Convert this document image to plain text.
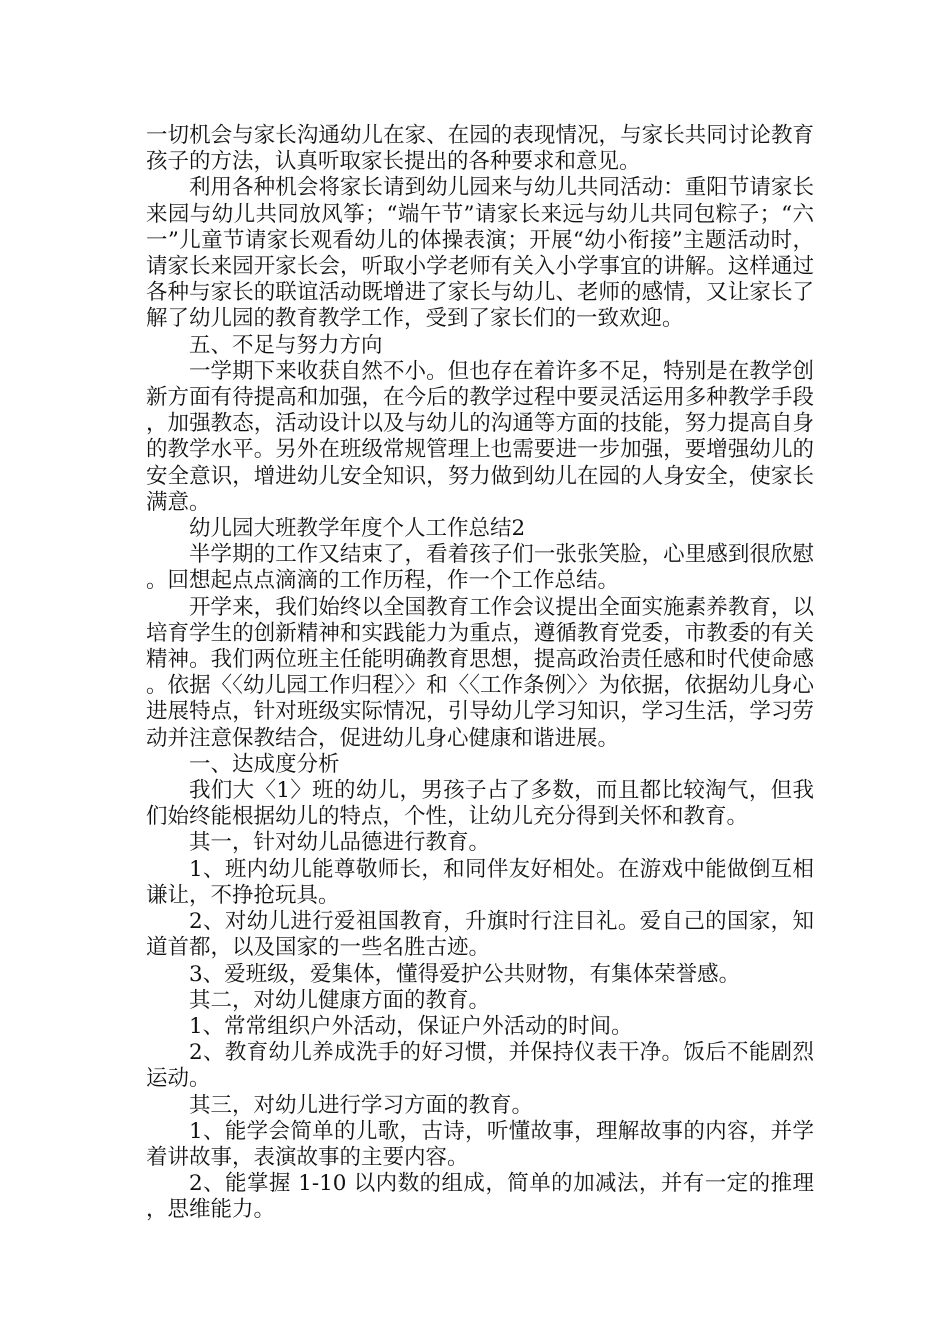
一切机会与家长沟通幼儿在家、在园的表现情况，与家长共同讨论教育孩子的方法，认真听取家长提出的各种要求和意见。

利用各种机会将家长请到幼儿园来与幼儿共同活动：重阳节请家长来园与幼儿共同放风筝；“端午节”请家长来远与幼儿共同包粽子；“六一”儿童节请家长观看幼儿的体操表演；开展“幼小衔接”主题活动时，请家长来园开家长会，听取小学老师有关入小学事宜的讲解。这样通过各种与家长的联谊活动既增进了家长与幼儿、老师的感情，又让家长了解了幼儿园的教育教学工作，受到了家长们的一致欢迎。

五、不足与努力方向

一学期下来收获自然不小。但也存在着许多不足，特别是在教学创新方面有待提高和加强，在今后的教学过程中要灵活运用多种教学手段，加强教态，活动设计以及与幼儿的沟通等方面的技能，努力提高自身的教学水平。另外在班级常规管理上也需要进一步加强，要增强幼儿的安全意识，增进幼儿安全知识，努力做到幼儿在园的人身安全，使家长满意。

幼儿园大班教学年度个人工作总结2

半学期的工作又结束了，看着孩子们一张张笑脸，心里感到很欣慰。回想起点点滴滴的工作历程，作一个工作总结。

开学来，我们始终以全国教育工作会议提出全面实施素养教育，以培育学生的创新精神和实践能力为重点，遵循教育党委，市教委的有关精神。我们两位班主任能明确教育思想，提高政治责任感和时代使命感。依据〈〈幼儿园工作归程〉〉和〈〈工作条例〉〉为依据，依据幼儿身心进展特点，针对班级实际情况，引导幼儿学习知识，学习生活，学习劳动并注意保教结合，促进幼儿身心健康和谐进展。

一、达成度分析

我们大〈1〉班的幼儿，男孩子占了多数，而且都比较淘气，但我们始终能根据幼儿的特点，个性，让幼儿充分得到关怀和教育。

其一，针对幼儿品德进行教育。

1、班内幼儿能尊敬师长，和同伴友好相处。在游戏中能做倒互相谦让，不挣抢玩具。

2、对幼儿进行爱祖国教育，升旗时行注目礼。爱自己的国家，知道首都，以及国家的一些名胜古迹。

3、爱班级，爱集体，懂得爱护公共财物，有集体荣誉感。

其二，对幼儿健康方面的教育。

1、常常组织户外活动，保证户外活动的时间。

2、教育幼儿养成洗手的好习惯，并保持仪表干净。饭后不能剧烈运动。

其三，对幼儿进行学习方面的教育。

1、能学会简单的儿歌，古诗，听懂故事，理解故事的内容，并学着讲故事，表演故事的主要内容。

2、能掌握 1-10 以内数的组成，简单的加减法，并有一定的推理，思维能力。
